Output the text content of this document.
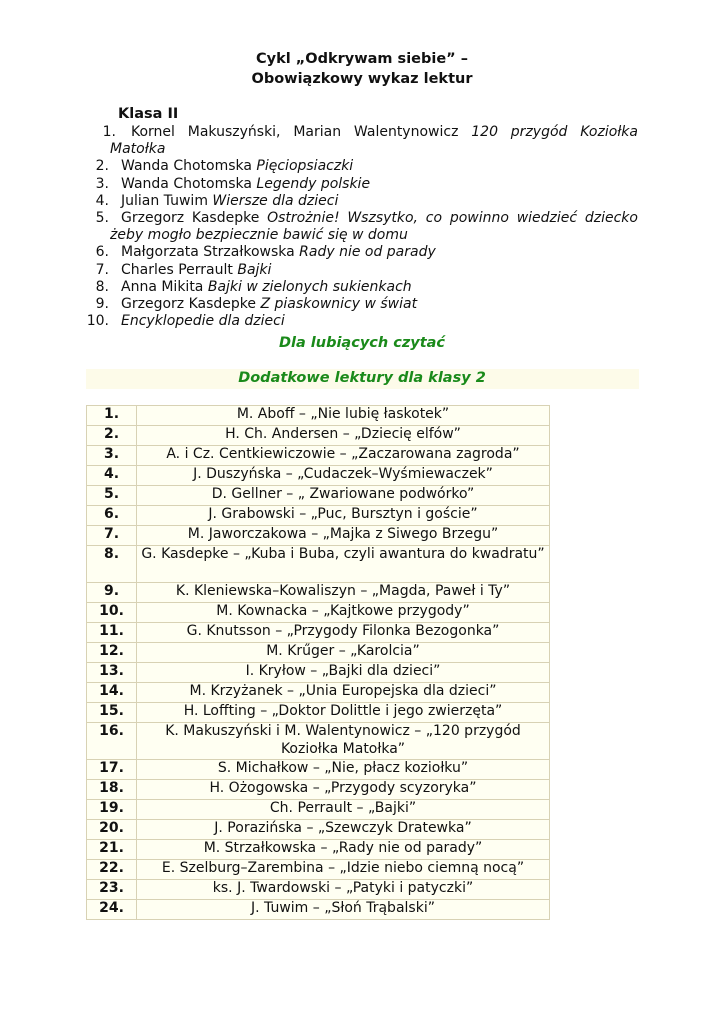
Cykl „Odkrywam siebie” –
Obowiązkowy wykaz lektur
Klasa II
1. Kornel Makuszyński, Marian Walentynowicz 120 przygód Koziołka
Matołka
2. Wanda Chotomska Pięciopsiaczki
3. Wanda Chotomska Legendy polskie
4. Julian Tuwim Wiersze dla dzieci
5. Grzegorz Kasdepke Ostrożnie! Wszsytko, co powinno wiedzieć dziecko
żeby mogło bezpiecznie bawić się w domu
6. Małgorzata Strzałkowska Rady nie od parady
7. Charles Perrault Bajki
8. Anna Mikita Bajki w zielonych sukienkach
9. Grzegorz Kasdepke Z piaskownicy w świat
10. Encyklopedie dla dzieci
Dla lubiących czytać
Dodatkowe lektury dla klasy 2
1.	M. Aboff – „Nie lubię łaskotek”
2.	H. Ch. Andersen – „Dziecię elfów”
3.	A. i Cz. Centkiewiczowie – „Zaczarowana zagroda”
4.	J. Duszyńska – „Cudaczek–Wyśmiewaczek”
5.	D. Gellner – „ Zwariowane podwórko”
6.	J. Grabowski – „Puc, Bursztyn i goście”
7.	M. Jaworczakowa – „Majka z Siwego Brzegu”
8.	G. Kasdepke – „Kuba i Buba, czyli awantura do kwadratu”
9.	K. Kleniewska–Kowaliszyn – „Magda, Paweł i Ty”
10.	M. Kownacka – „Kajtkowe przygody”
11.	G. Knutsson – „Przygody Filonka Bezogonka”
12.	M. Krűger – „Karolcia”
13.	I. Kryłow – „Bajki dla dzieci”
14.	M. Krzyżanek – „Unia Europejska dla dzieci”
15.	H. Loffting – „Doktor Dolittle i jego zwierzęta”
16.	K. Makuszyński i M. Walentynowicz – „120 przygód Koziołka Matołka”
17.	S. Michałkow – „Nie, płacz koziołku”
18.	H. Ożogowska – „Przygody scyzoryka”
19.	Ch. Perrault – „Bajki”
20.	J. Porazińska – „Szewczyk Dratewka”
21.	M. Strzałkowska – „Rady nie od parady”
22.	E. Szelburg–Zarembina – „Idzie niebo ciemną nocą”
23.	ks. J. Twardowski – „Patyki i patyczki”
24.	J. Tuwim – „Słoń Trąbalski”
